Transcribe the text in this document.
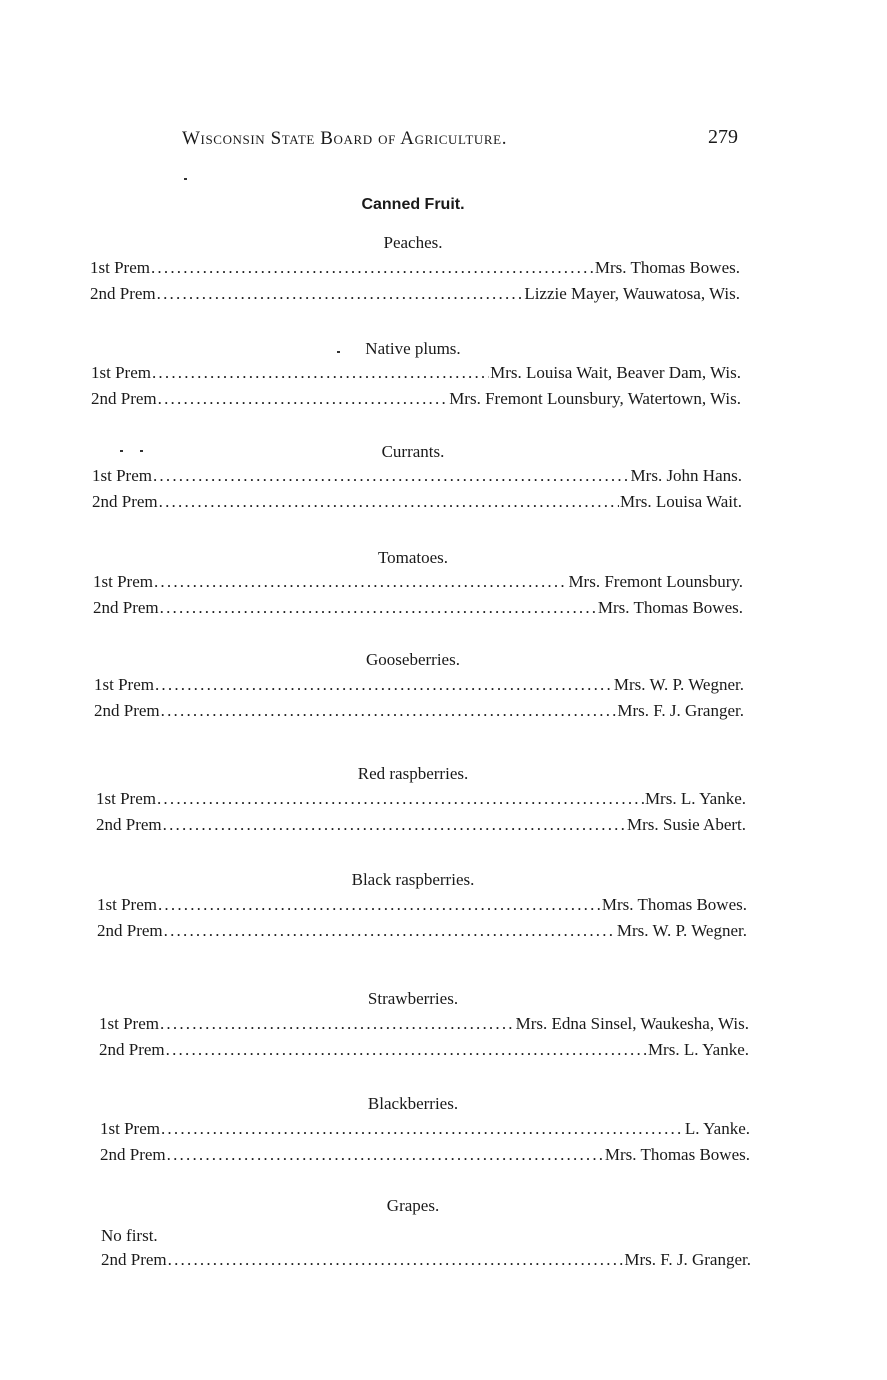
Wisconsin State Board of Agriculture.	279
Canned Fruit.
Peaches.
1st Prem .....	Mrs. Thomas Bowes.
2nd Prem .....	Lizzie Mayer, Wauwatosa, Wis.
Native plums.
1st Prem .....	Mrs. Louisa Wait, Beaver Dam, Wis.
2nd Prem .....	Mrs. Fremont Lounsbury, Watertown, Wis.
Currants.
1st Prem .....	Mrs. John Hans.
2nd Prem .....	Mrs. Louisa Wait.
Tomatoes.
1st Prem .....	Mrs. Fremont Lounsbury.
2nd Prem .....	Mrs. Thomas Bowes.
Gooseberries.
1st Prem .....	Mrs. W. P. Wegner.
2nd Prem .....	Mrs. F. J. Granger.
Red raspberries.
1st Prem .....	Mrs. L. Yanke.
2nd Prem .....	Mrs. Susie Abert.
Black raspberries.
1st Prem .....	Mrs. Thomas Bowes.
2nd Prem .....	Mrs. W. P. Wegner.
Strawberries.
1st Prem .....	Mrs. Edna Sinsel, Waukesha, Wis.
2nd Prem .....	Mrs. L. Yanke.
Blackberries.
1st Prem .....	L. Yanke.
2nd Prem .....	Mrs. Thomas Bowes.
Grapes.
No first.
2nd Prem .....	Mrs. F. J. Granger.
